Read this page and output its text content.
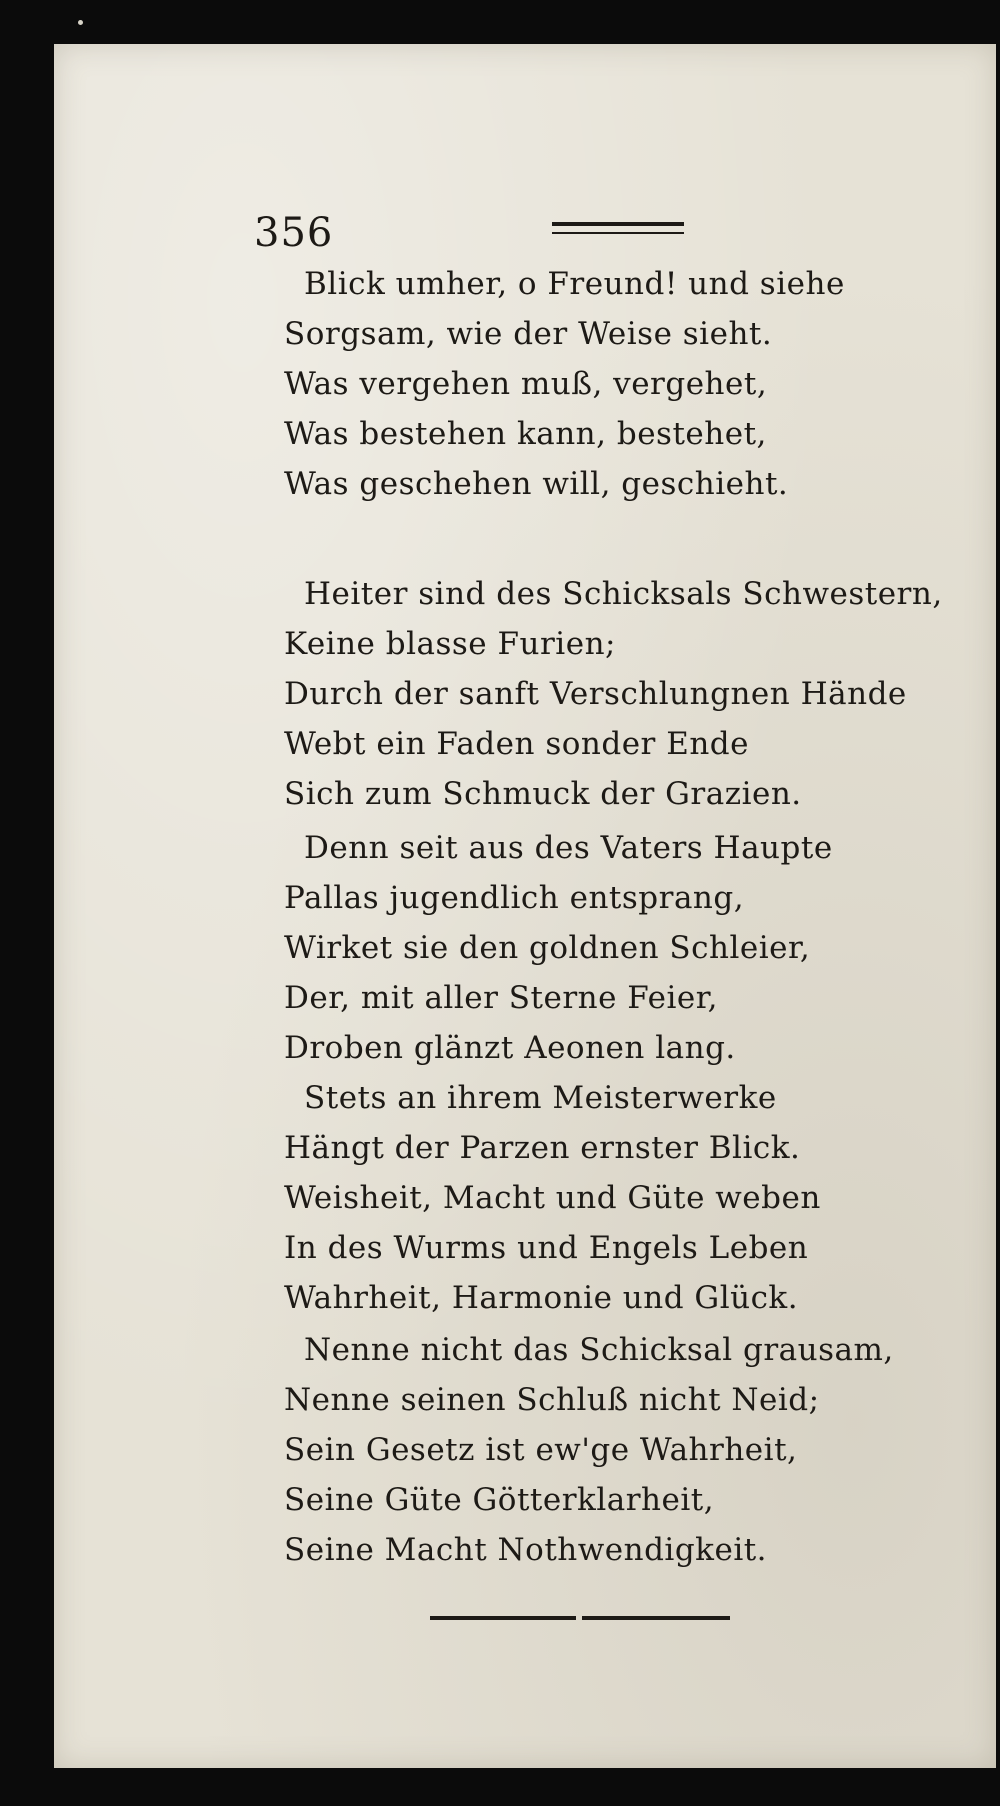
356
Blick umher, o Freund! und siehe
Sorgsam, wie der Weise sieht.
Was vergehen muß, vergehet,
Was bestehen kann, bestehet,
Was geschehen will, geschieht.
Heiter sind des Schicksals Schwestern,
Keine blasse Furien;
Durch der sanft Verschlungnen Hände
Webt ein Faden sonder Ende
Sich zum Schmuck der Grazien.
Denn seit aus des Vaters Haupte
Pallas jugendlich entsprang,
Wirket sie den goldnen Schleier,
Der, mit aller Sterne Feier,
Droben glänzt Aeonen lang.
Stets an ihrem Meisterwerke
Hängt der Parzen ernster Blick.
Weisheit, Macht und Güte weben
In des Wurms und Engels Leben
Wahrheit, Harmonie und Glück.
Nenne nicht das Schicksal grausam,
Nenne seinen Schluß nicht Neid;
Sein Gesetz ist ew'ge Wahrheit,
Seine Güte Götterklarheit,
Seine Macht Nothwendigkeit.
